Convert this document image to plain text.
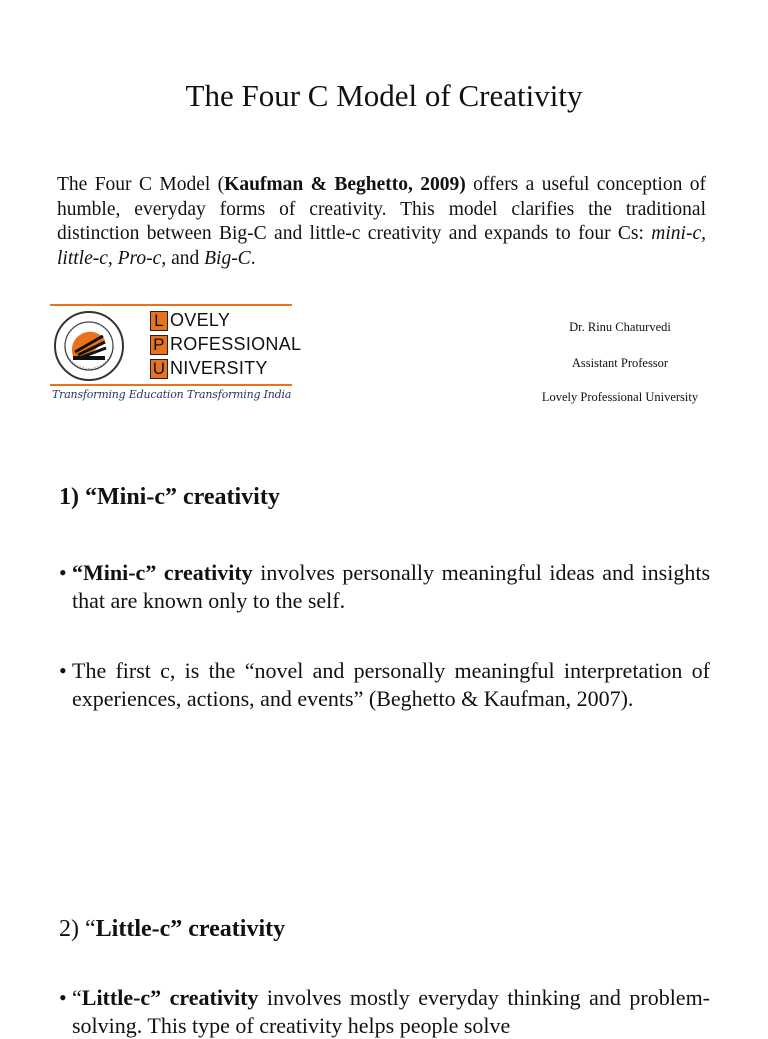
The Four C Model of Creativity
The Four C Model (Kaufman & Beghetto, 2009) offers a useful conception of humble, everyday forms of creativity. This model clarifies the traditional distinction between Big-C and little-c creativity and expands to four Cs: mini-c, little-c, Pro-c, and Big-C.
L OVELY
P ROFESSIONAL
U NIVERSITY
Transforming Education Transforming India
Dr. Rinu Chaturvedi
Assistant Professor
Lovely Professional University
1) “Mini-c” creativity
• “Mini-c” creativity involves personally meaningful ideas and insights that are known only to the self.
• The first c, is the “novel and personally meaningful interpretation of experiences, actions, and events” (Beghetto & Kaufman, 2007).
2) “Little-c” creativity
• “Little-c” creativity involves mostly everyday thinking and problem-solving. This type of creativity helps people solve
